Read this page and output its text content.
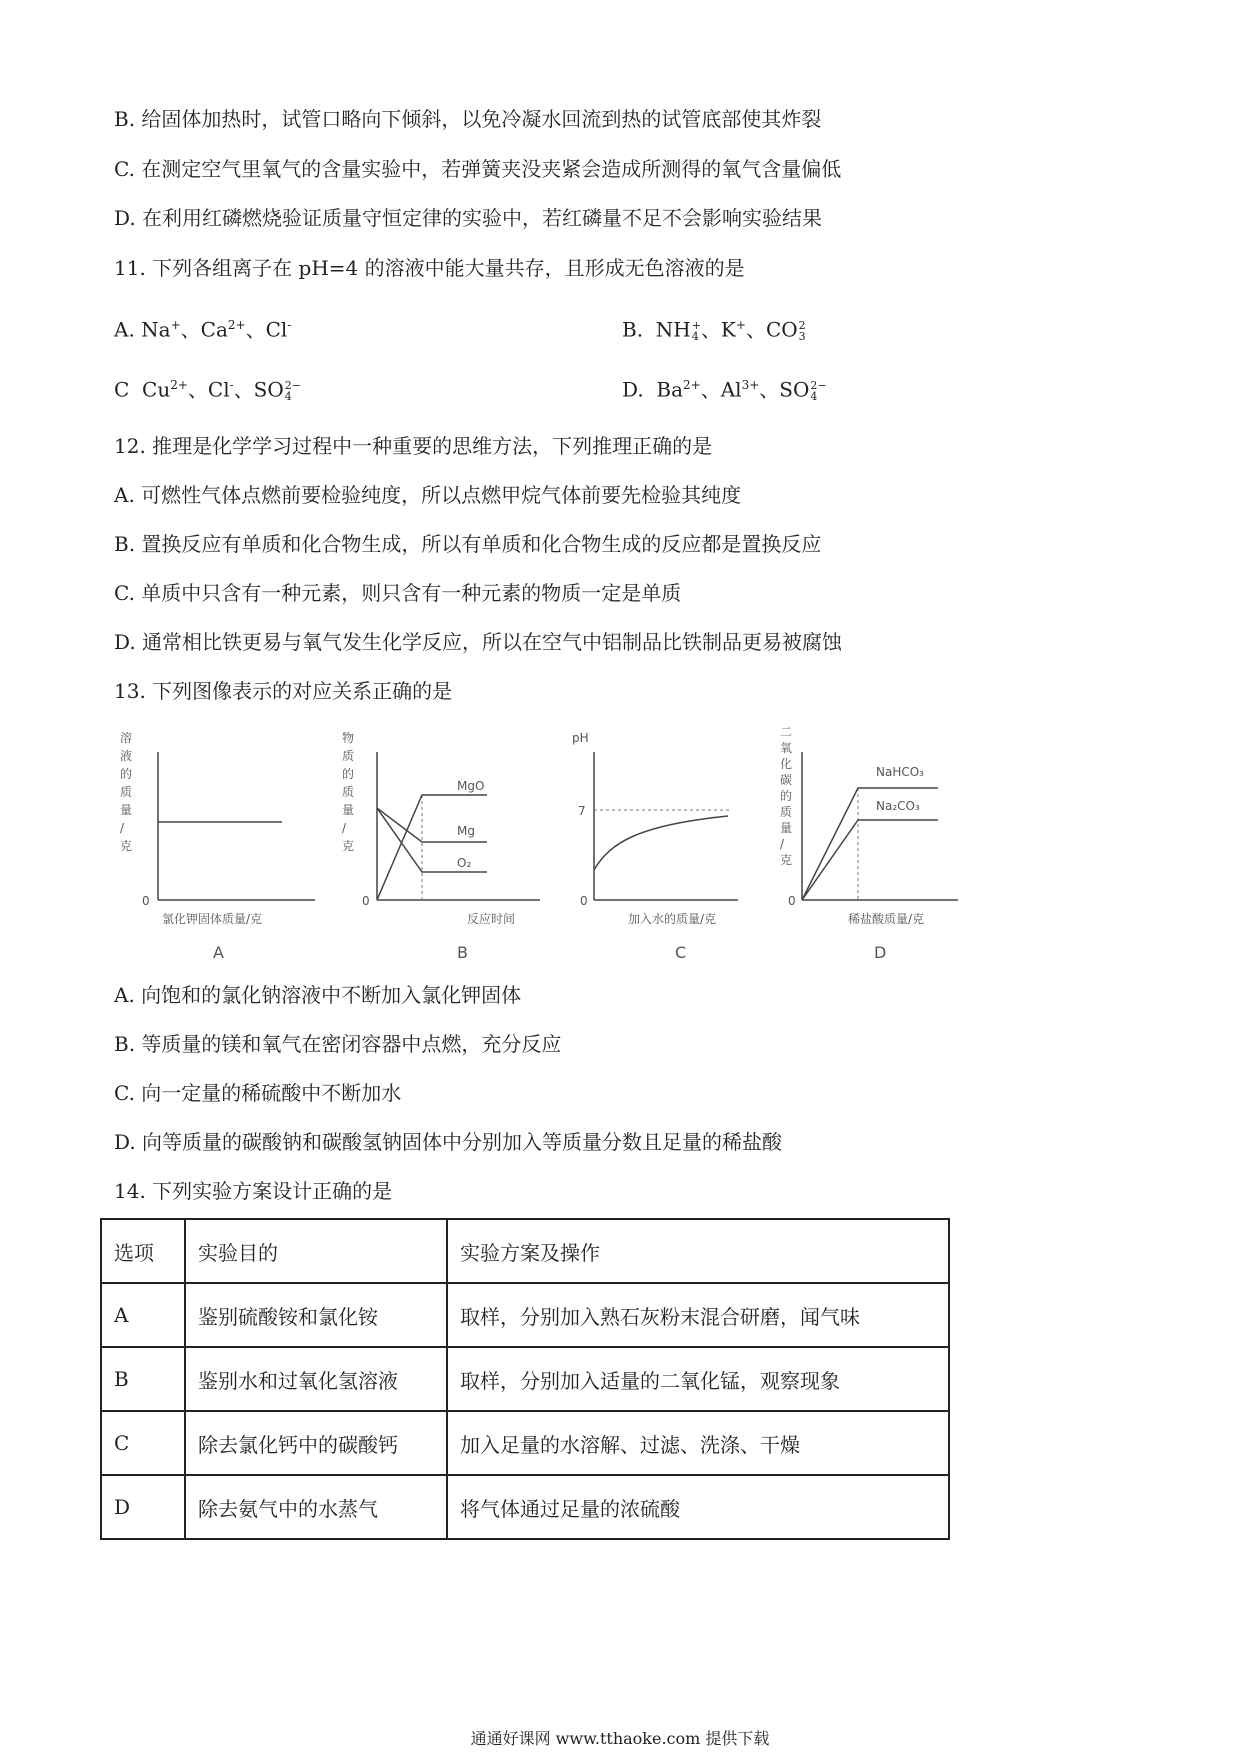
B. 给固体加热时，试管口略向下倾斜，以免冷凝水回流到热的试管底部使其炸裂
C. 在测定空气里氧气的含量实验中，若弹簧夹没夹紧会造成所测得的氧气含量偏低
D. 在利用红磷燃烧验证质量守恒定律的实验中，若红磷量不足不会影响实验结果
11. 下列各组离子在 pH=4 的溶液中能大量共存，且形成无色溶液的是
A. Na+、$Ca^{2+}$、Cl-	B.  NH +
4 、K+、CO 2
3
C  $Cu^{2+}$、Cl-、SO 2−
4	D.  $Ba^{2+}$、$Al^{3+}$、SO 2−
4
12. 推理是化学学习过程中一种重要的思维方法，下列推理正确的是
A. 可燃性气体点燃前要检验纯度，所以点燃甲烷气体前要先检验其纯度
B. 置换反应有单质和化合物生成，所以有单质和化合物生成的反应都是置换反应
C. 单质中只含有一种元素，则只含有一种元素的物质一定是单质
D. 通常相比铁更易与氧气发生化学反应，所以在空气中铝制品比铁制品更易被腐蚀
13. 下列图像表示的对应关系正确的是
溶液的质量/克
0
氯化钾固体质量/克
A
物质的质量/克
MgO
Mg
O₂
0
反应时间
B
pH
7
0
加入水的质量/克
C
二氧化碳的质量/克
NaHCO₃
Na₂CO₃
0
稀盐酸质量/克
D
A. 向饱和的氯化钠溶液中不断加入氯化钾固体
B. 等质量的镁和氧气在密闭容器中点燃，充分反应
C. 向一定量的稀硫酸中不断加水
D. 向等质量的碳酸钠和碳酸氢钠固体中分别加入等质量分数且足量的稀盐酸
14. 下列实验方案设计正确的是
选项	实验目的	实验方案及操作
A	鉴别硫酸铵和氯化铵	取样，分别加入熟石灰粉末混合研磨，闻气味
B	鉴别水和过氧化氢溶液	取样，分别加入适量的二氧化锰，观察现象
C	除去氯化钙中的碳酸钙	加入足量的水溶解、过滤、洗涤、干燥
D	除去氨气中的水蒸气	将气体通过足量的浓硫酸
通通好课网 www.tthaoke.com 提供下载
